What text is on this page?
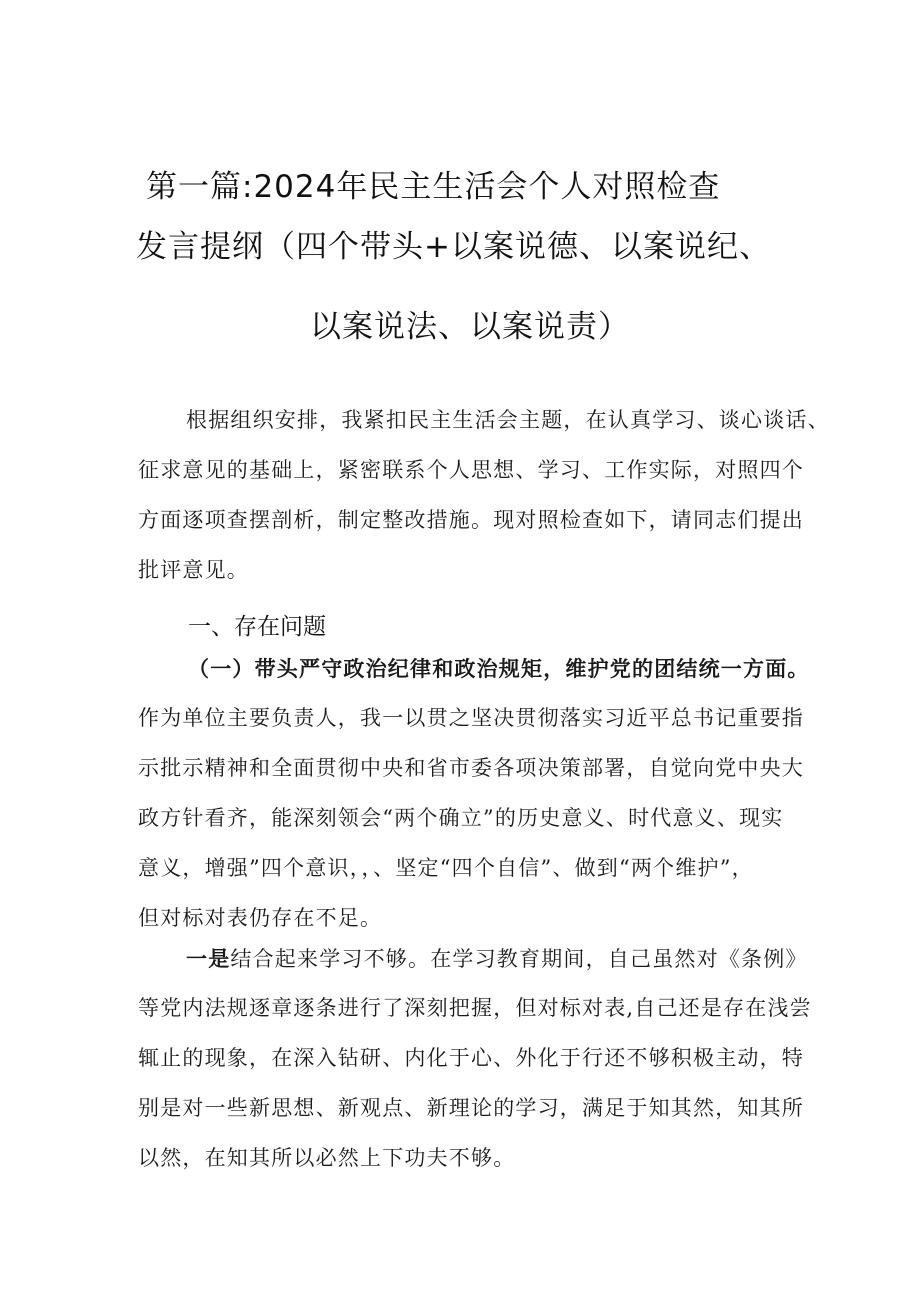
第一篇:2024年民主生活会个人对照检查
发言提纲（四个带头+以案说德、以案说纪、
以案说法、以案说责）
根据组织安排，我紧扣民主生活会主题，在认真学习、谈心谈话、
征求意见的基础上，紧密联系个人思想、学习、工作实际，对照四个
方面逐项查摆剖析，制定整改措施。现对照检查如下，请同志们提出
批评意见。
一、存在问题
（一）带头严守政治纪律和政治规矩，维护党的团结统一方面。
作为单位主要负责人，我一以贯之坚决贯彻落实习近平总书记重要指
示批示精神和全面贯彻中央和省市委各项决策部署，自觉向党中央大
政方针看齐，能深刻领会“两个确立”的历史意义、时代意义、现实
意义，增强”四个意识，，、坚定“四个自信”、做到“两个维护”，
但对标对表仍存在不足。
一是结合起来学习不够。在学习教育期间，自己虽然对《条例》
等党内法规逐章逐条进行了深刻把握，但对标对表,自己还是存在浅尝
辄止的现象，在深入钻研、内化于心、外化于行还不够积极主动，特
别是对一些新思想、新观点、新理论的学习，满足于知其然，知其所
以然，在知其所以必然上下功夫不够。
